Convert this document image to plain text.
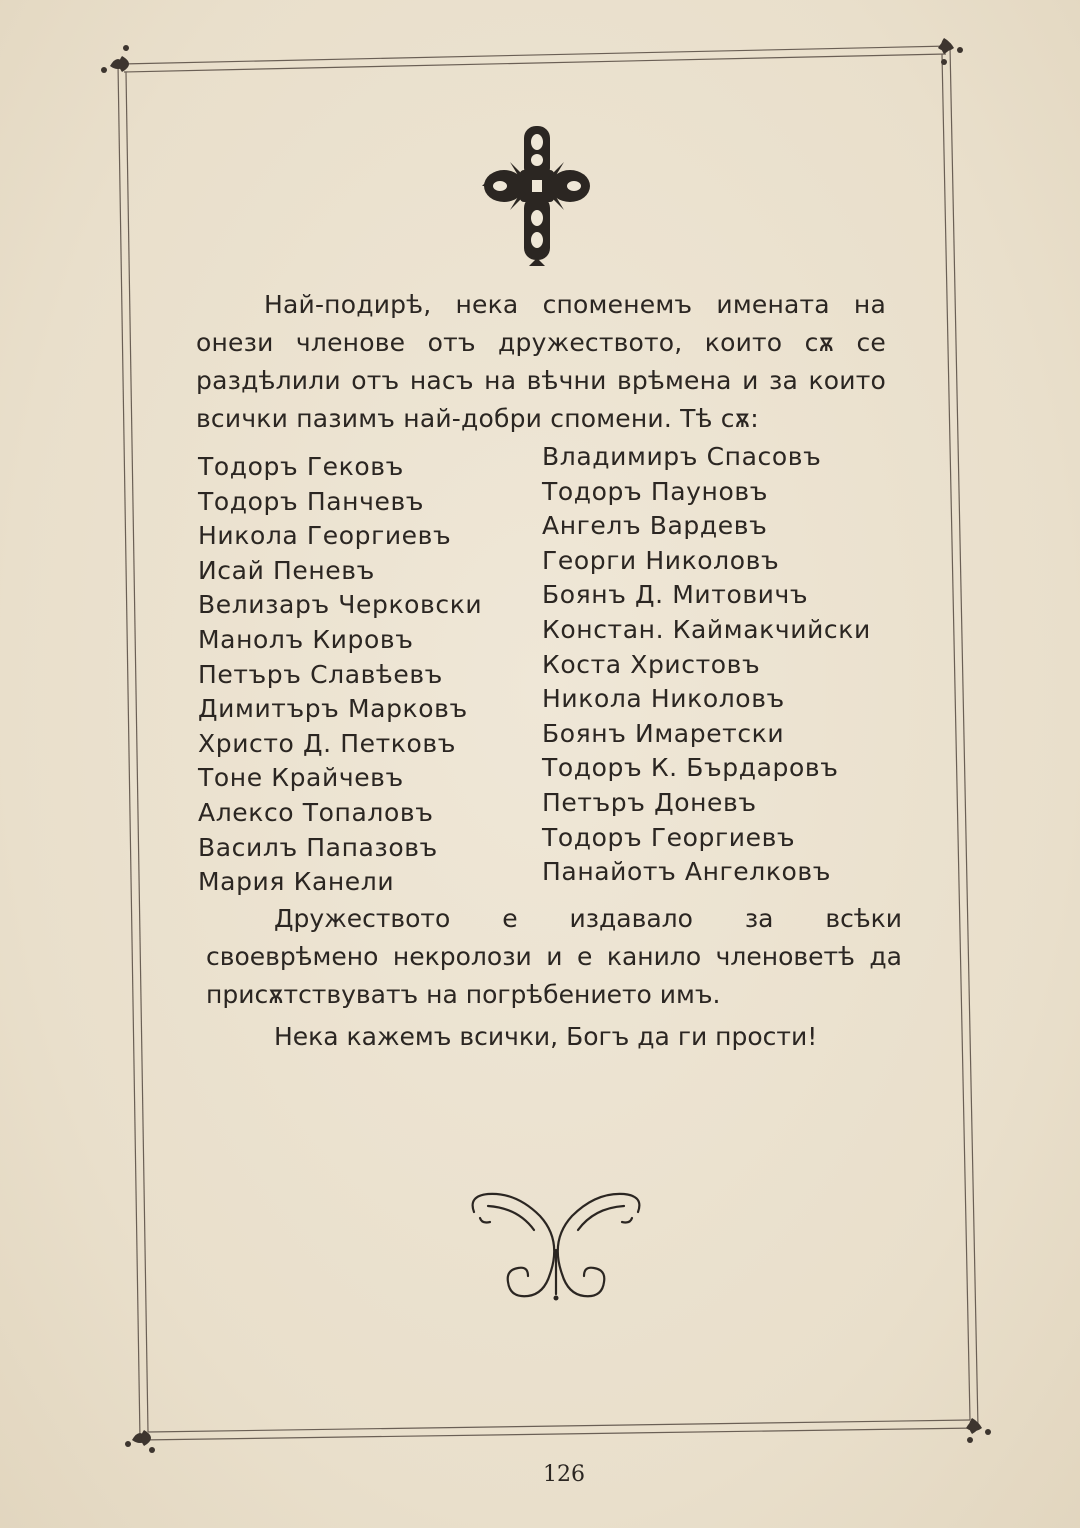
Най-подирѣ, нека споменемъ имената на онези членове отъ дружеството, които сѫ се раздѣлили отъ насъ на вѣчни врѣмена и за които всички пазимъ най-добри спомени. Тѣ сѫ:
Тодоръ Гековъ
Тодоръ Панчевъ
Никола Георгиевъ
Исай Пеневъ
Велизаръ Черковски
Манолъ Кировъ
Петъръ Славѣевъ
Димитъръ Марковъ
Христо Д. Петковъ
Тоне Крайчевъ
Алексо Топаловъ
Василъ Папазовъ
Мария Канели
Владимиръ Спасовъ
Тодоръ Пауновъ
Ангелъ Вардевъ
Георги Николовъ
Боянъ Д. Митовичъ
Констан. Каймакчийски
Коста Христовъ
Никола Николовъ
Боянъ Имаретски
Тодоръ К. Бърдаровъ
Петъръ Доневъ
Тодоръ Георгиевъ
Панайотъ Ангелковъ
Дружеството е издавало за всѣки своеврѣмено некролози и е канило членоветѣ да присѫтствуватъ на погрѣбението имъ.
Нека кажемъ всички, Богъ да ги прости!
126
